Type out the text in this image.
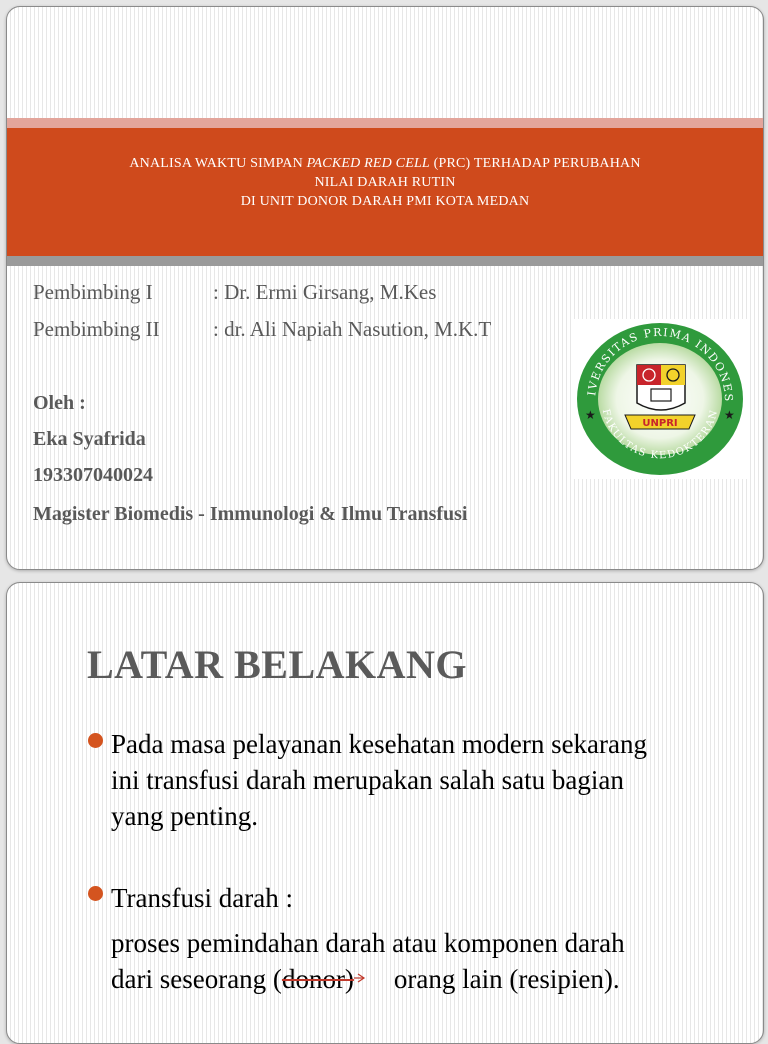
ANALISA WAKTU SIMPAN PACKED RED CELL (PRC) TERHADAP PERUBAHAN
NILAI DARAH RUTIN
DI UNIT DONOR DARAH PMI KOTA MEDAN
Pembimbing I	: Dr. Ermi Girsang, M.Kes
Pembimbing II	: dr. Ali Napiah Nasution, M.K.T
Oleh :
Eka Syafrida
193307040024
Magister Biomedis - Immunologi & Ilmu Transfusi
IVERSITAS PRIMA INDONES
FAKULTAS KEDOKTERAN
★	★
UNPRI
LATAR BELAKANG
Pada masa pelayanan kesehatan modern sekarang
ini transfusi darah merupakan salah satu bagian
yang penting.
Transfusi darah :
proses pemindahan darah atau komponen darah
dari seseorang (donor) orang lain (resipien).
